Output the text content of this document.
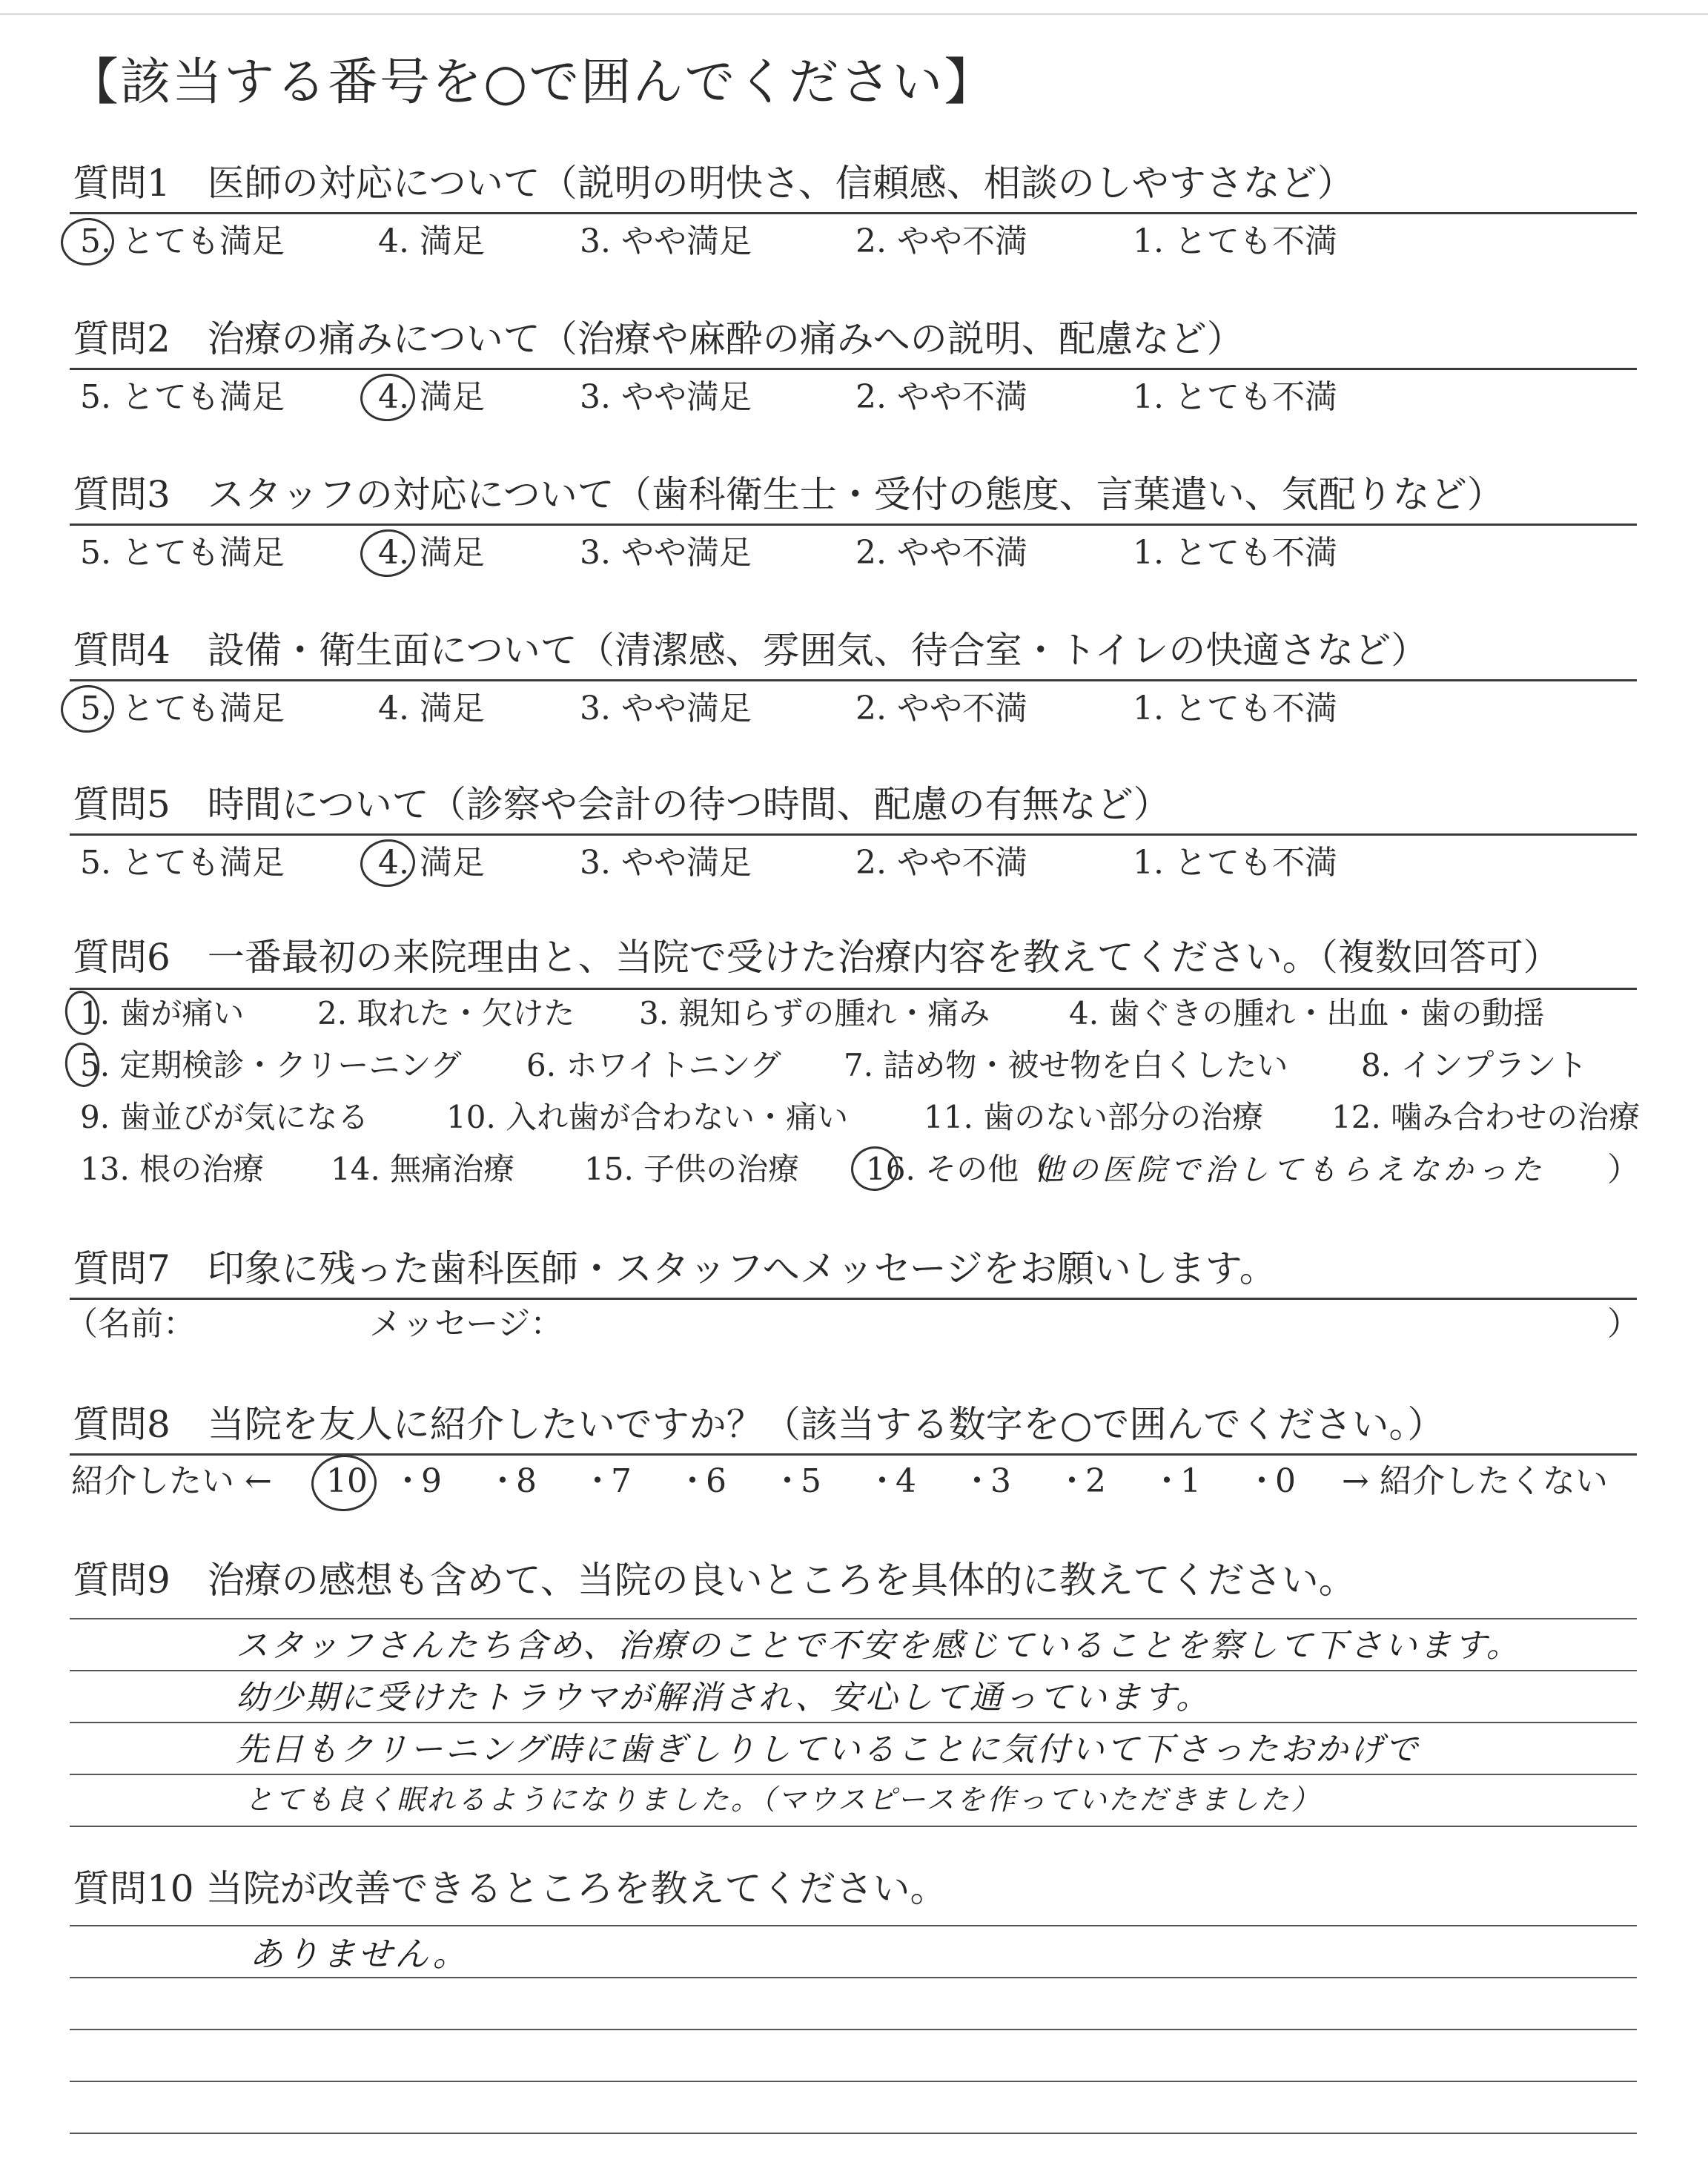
【該当する番号を○で囲んでください】
質問1　医師の対応について（説明の明快さ、信頼感、相談のしやすさなど）
5. とても満足	4. 満足	3. やや満足	2. やや不満	1. とても不満
質問2　治療の痛みについて（治療や麻酔の痛みへの説明、配慮など）
5. とても満足	4. 満足	3. やや満足	2. やや不満	1. とても不満
質問3　スタッフの対応について（歯科衛生士・受付の態度、言葉遣い、気配りなど）
5. とても満足	4. 満足	3. やや満足	2. やや不満	1. とても不満
質問4　設備・衛生面について（清潔感、雰囲気、待合室・トイレの快適さなど）
5. とても満足	4. 満足	3. やや満足	2. やや不満	1. とても不満
質問5　時間について（診察や会計の待つ時間、配慮の有無など）
5. とても満足	4. 満足	3. やや満足	2. やや不満	1. とても不満
質問6　一番最初の来院理由と、当院で受けた治療内容を教えてください。（複数回答可）
1. 歯が痛い 2. 取れた・欠けた 3. 親知らずの腫れ・痛み	4. 歯ぐきの腫れ・出血・歯の動揺
5. 定期検診・クリーニング 6. ホワイトニング 7. 詰め物・被せ物を白くしたい 8. インプラント
9. 歯並びが気になる 10. 入れ歯が合わない・痛い 11. 歯のない部分の治療 12. 噛み合わせの治療
13. 根の治療 14. 無痛治療 15. 子供の治療 16. その他（
他の医院で治してもらえなかった ）
質問7　印象に残った歯科医師・スタッフへメッセージをお願いします。
（名前：	メッセージ：	）
質問8　当院を友人に紹介したいですか？（該当する数字を○で囲んでください。）
紹介したい ← 10 ・
9 ・
8 ・
7 ・
6 ・
5 ・
4 ・
3 ・
2 ・
1 ・
0 → 紹介したくない
質問9　治療の感想も含めて、当院の良いところを具体的に教えてください。
スタッフさんたち含め、治療のことで不安を感じていることを察して下さいます。
幼少期に受けたトラウマが解消され、安心して通っています。
先日もクリーニング時に歯ぎしりしていることに気付いて下さったおかげで
とても良く眠れるようになりました。（マウスピースを作っていただきました）
質問10 当院が改善できるところを教えてください。
ありません。
